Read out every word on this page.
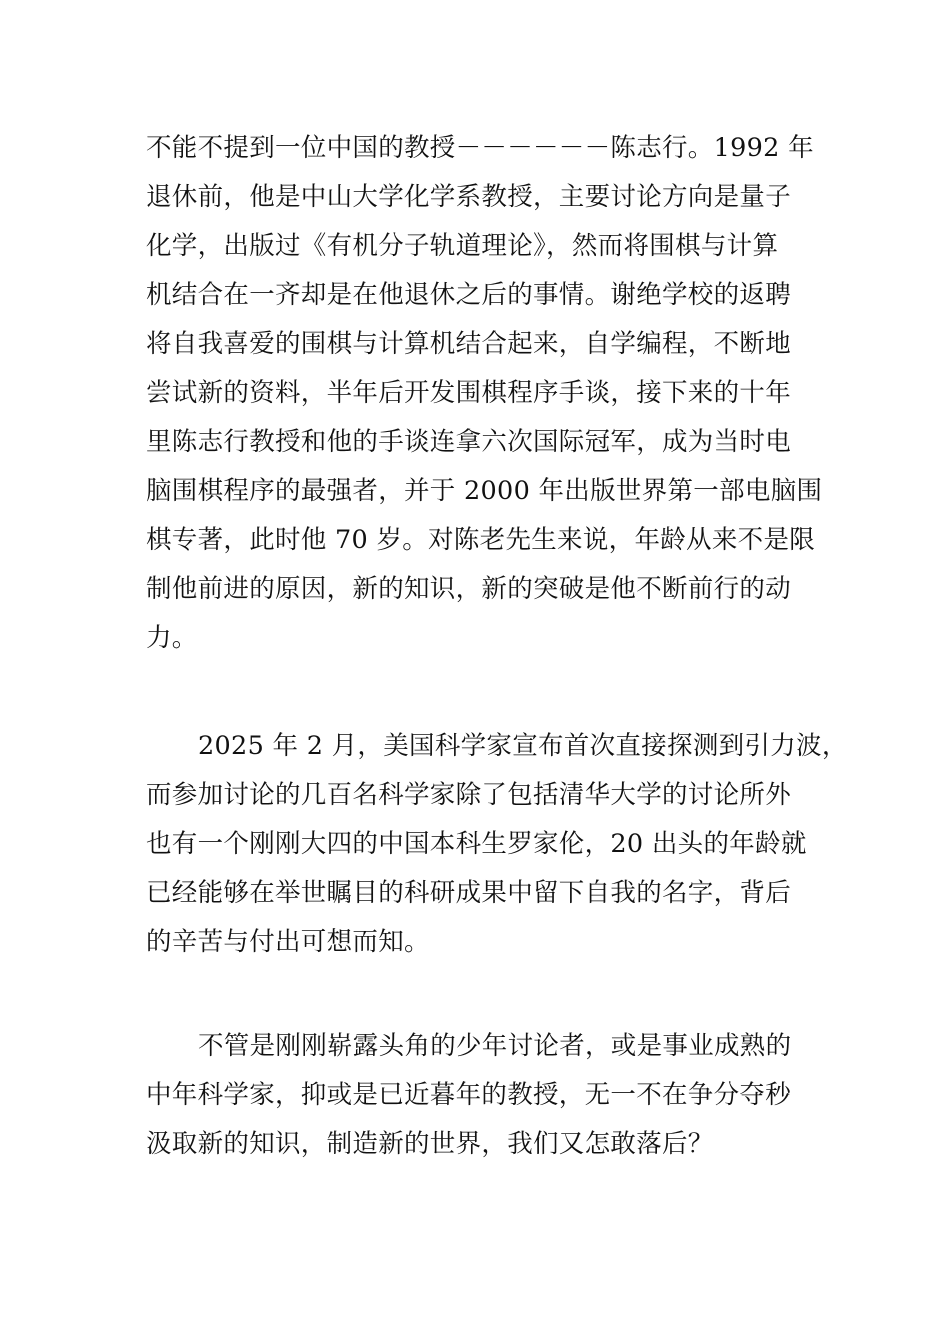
不能不提到一位中国的教授－－－－－－陈志行。1992 年
退休前，他是中山大学化学系教授，主要讨论方向是量子
化学，出版过《有机分子轨道理论》，然而将围棋与计算
机结合在一齐却是在他退休之后的事情。谢绝学校的返聘
将自我喜爱的围棋与计算机结合起来，自学编程，不断地
尝试新的资料，半年后开发围棋程序手谈，接下来的十年
里陈志行教授和他的手谈连拿六次国际冠军，成为当时电
脑围棋程序的最强者，并于 2000 年出版世界第一部电脑围
棋专著，此时他 70 岁。对陈老先生来说，年龄从来不是限
制他前进的原因，新的知识，新的突破是他不断前行的动
力。
2025 年 2 月，美国科学家宣布首次直接探测到引力波，
而参加讨论的几百名科学家除了包括清华大学的讨论所外
也有一个刚刚大四的中国本科生罗家伦，20 出头的年龄就
已经能够在举世瞩目的科研成果中留下自我的名字，背后
的辛苦与付出可想而知。
不管是刚刚崭露头角的少年讨论者，或是事业成熟的
中年科学家，抑或是已近暮年的教授，无一不在争分夺秒
汲取新的知识，制造新的世界，我们又怎敢落后？
